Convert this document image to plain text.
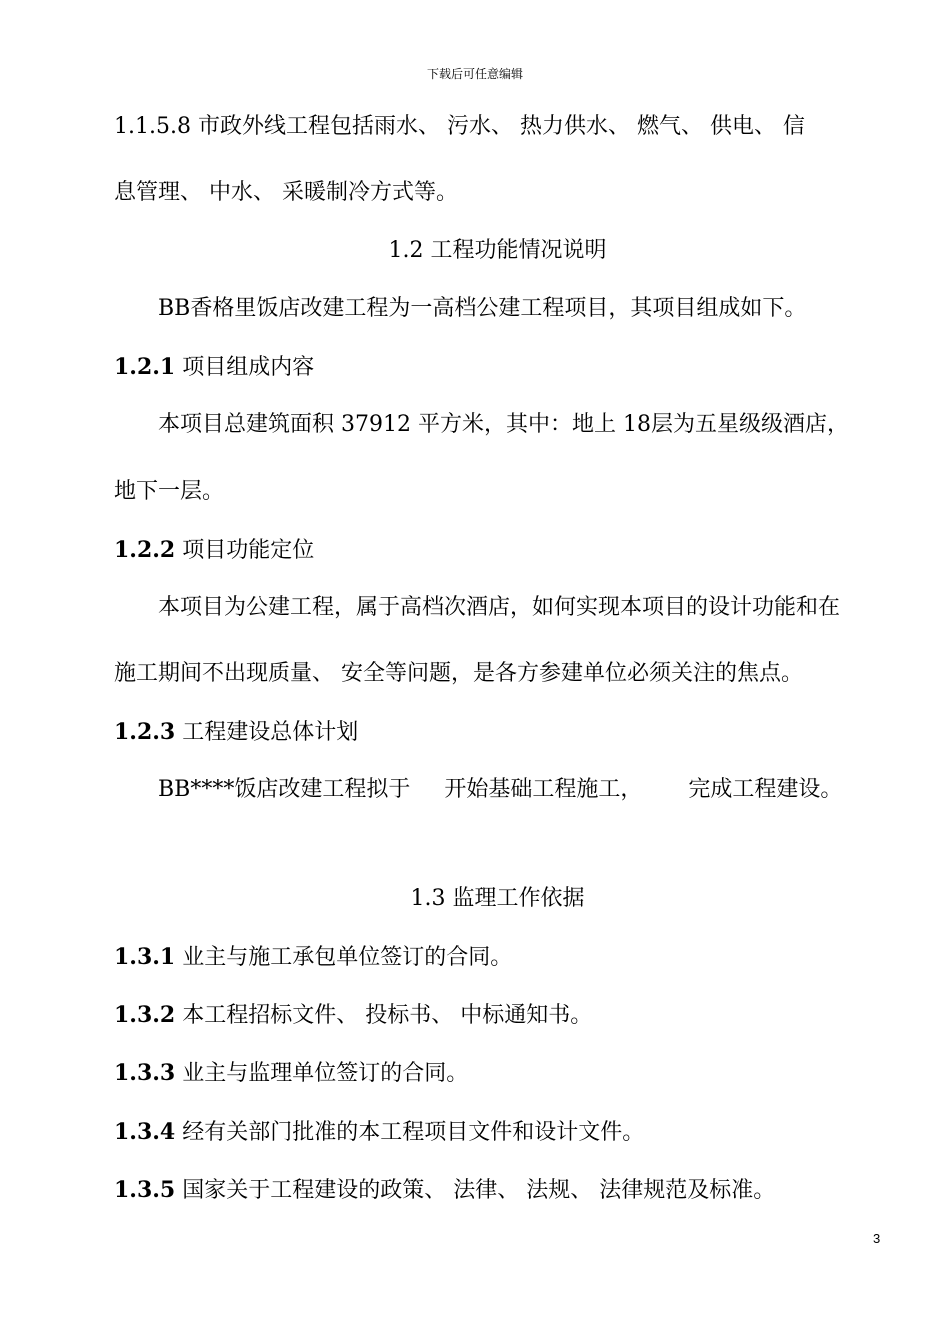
下载后可任意编辑
1.1.5.8 市政外线工程包括雨水、 污水、 热力供水、 燃气、 供电、 信
息管理、 中水、 采暖制冷方式等。
1.2 工程功能情况说明
BB香格里饭店改建工程为一高档公建工程项目，其项目组成如下。
1.2.1 项目组成内容
本项目总建筑面积 37912 平方米，其中：地上 18层为五星级级酒店，
地下一层。
1.2.2 项目功能定位
本项目为公建工程，属于高档次酒店，如何实现本项目的设计功能和在
施工期间不出现质量、 安全等问题，是各方参建单位必须关注的焦点。
1.2.3 工程建设总体计划
BB****饭店改建工程拟于 开始基础工程施工， 完成工程建设。
1.3 监理工作依据
1.3.1 业主与施工承包单位签订的合同。
1.3.2 本工程招标文件、 投标书、 中标通知书。
1.3.3 业主与监理单位签订的合同。
1.3.4 经有关部门批准的本工程项目文件和设计文件。
1.3.5 国家关于工程建设的政策、 法律、 法规、 法律规范及标准。
3
